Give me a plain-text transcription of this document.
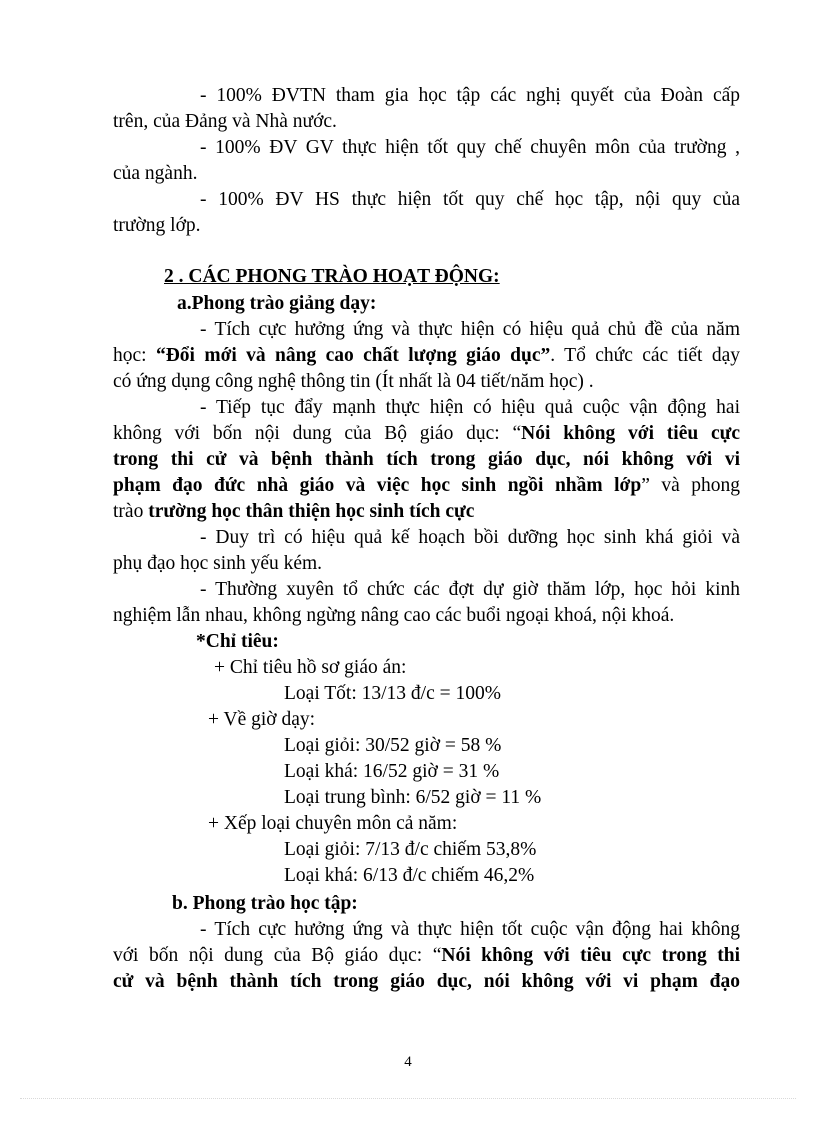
- 100% ĐVTN tham gia học tập các nghị quyết của Đoàn cấp
trên, của Đảng và Nhà nước.
- 100% ĐV GV thực hiện tốt quy chế chuyên môn của trường ,
của ngành.
- 100% ĐV HS thực hiện tốt quy chế học tập, nội quy của
trường lớp.
2 . CÁC PHONG TRÀO HOẠT ĐỘNG:
a.Phong trào giảng dạy:
- Tích cực hưởng ứng và thực hiện có hiệu quả chủ đề của năm
học: “Đổi mới và nâng cao chất lượng giáo dục”. Tổ chức các tiết dạy
có ứng dụng công nghệ thông tin (Ít nhất là 04 tiết/năm học) .
- Tiếp tục đẩy mạnh thực hiện có hiệu quả cuộc vận động hai
không với bốn nội dung của Bộ giáo dục: “Nói không với tiêu cực
trong thi cử và bệnh thành tích trong giáo dục, nói không với vi
phạm đạo đức nhà giáo và việc học sinh ngồi nhầm lớp” và phong
trào trường học thân thiện học sinh tích cực
- Duy trì có hiệu quả kế hoạch bồi dưỡng học sinh khá giỏi và
phụ đạo học sinh yếu kém.
- Thường xuyên tổ chức các đợt dự giờ thăm lớp, học hỏi kinh
nghiệm lẫn nhau, không ngừng nâng cao các buổi ngoại khoá, nội khoá.
*Chỉ tiêu:
+ Chỉ tiêu hồ sơ giáo án:
Loại Tốt: 13/13 đ/c = 100%
+ Về giờ dạy:
Loại giỏi: 30/52 giờ = 58 %
Loại khá: 16/52 giờ = 31 %
Loại trung bình: 6/52 giờ = 11 %
+ Xếp loại chuyên môn cả năm:
Loại giỏi: 7/13 đ/c chiếm 53,8%
Loại khá: 6/13 đ/c chiếm 46,2%
b. Phong trào học tập:
- Tích cực hưởng ứng và thực hiện tốt cuộc vận động hai không
với bốn nội dung của Bộ giáo dục: “Nói không với tiêu cực trong thi
cử và bệnh thành tích trong giáo dục, nói không với vi phạm đạo
4
